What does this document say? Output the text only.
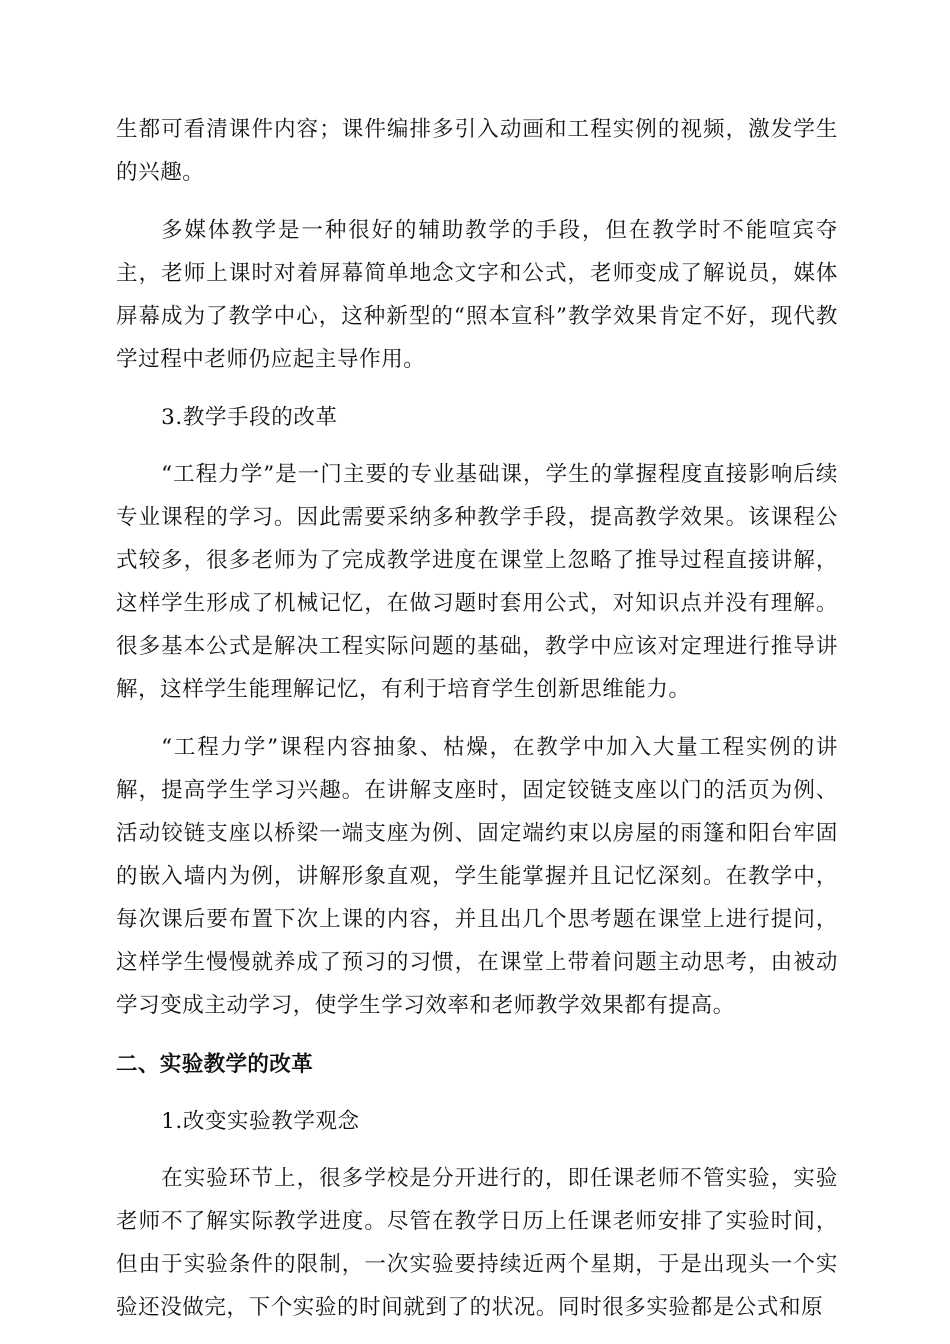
生都可看清课件内容；课件编排多引入动画和工程实例的视频，激发学生的兴趣。

多媒体教学是一种很好的辅助教学的手段，但在教学时不能喧宾夺主，老师上课时对着屏幕简单地念文字和公式，老师变成了解说员，媒体屏幕成为了教学中心，这种新型的“照本宣科”教学效果肯定不好，现代教学过程中老师仍应起主导作用。

3.教学手段的改革

“工程力学”是一门主要的专业基础课，学生的掌握程度直接影响后续专业课程的学习。因此需要采纳多种教学手段，提高教学效果。该课程公式较多，很多老师为了完成教学进度在课堂上忽略了推导过程直接讲解，这样学生形成了机械记忆，在做习题时套用公式，对知识点并没有理解。很多基本公式是解决工程实际问题的基础，教学中应该对定理进行推导讲解，这样学生能理解记忆，有利于培育学生创新思维能力。

“工程力学”课程内容抽象、枯燥，在教学中加入大量工程实例的讲解，提高学生学习兴趣。在讲解支座时，固定铰链支座以门的活页为例、活动铰链支座以桥梁一端支座为例、固定端约束以房屋的雨篷和阳台牢固的嵌入墙内为例，讲解形象直观，学生能掌握并且记忆深刻。在教学中，每次课后要布置下次上课的内容，并且出几个思考题在课堂上进行提问，这样学生慢慢就养成了预习的习惯，在课堂上带着问题主动思考，由被动学习变成主动学习，使学生学习效率和老师教学效果都有提高。

二、实验教学的改革

1.改变实验教学观念

在实验环节上，很多学校是分开进行的，即任课老师不管实验，实验老师不了解实际教学进度。尽管在教学日历上任课老师安排了实验时间，但由于实验条件的限制，一次实验要持续近两个星期，于是出现头一个实验还没做完，下个实验的时间就到了的状况。同时很多实验都是公式和原
